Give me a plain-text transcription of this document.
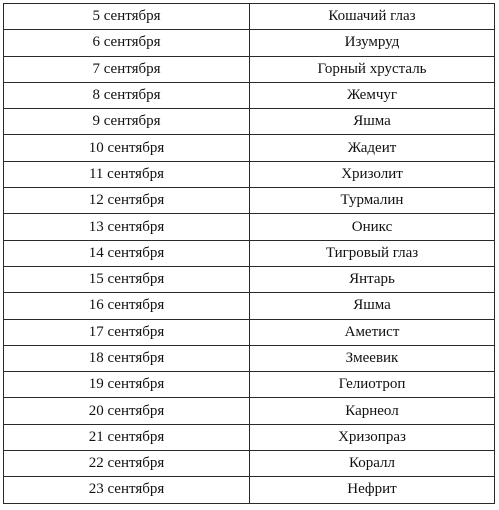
5 сентября	Кошачий глаз
6 сентября	Изумруд
7 сентября	Горный хрусталь
8 сентября	Жемчуг
9 сентября	Яшма
10 сентября	Жадеит
11 сентября	Хризолит
12 сентября	Турмалин
13 сентября	Оникс
14 сентября	Тигровый глаз
15 сентября	Янтарь
16 сентября	Яшма
17 сентября	Аметист
18 сентября	Змеевик
19 сентября	Гелиотроп
20 сентября	Карнеол
21 сентября	Хризопраз
22 сентября	Коралл
23 сентября	Нефрит
